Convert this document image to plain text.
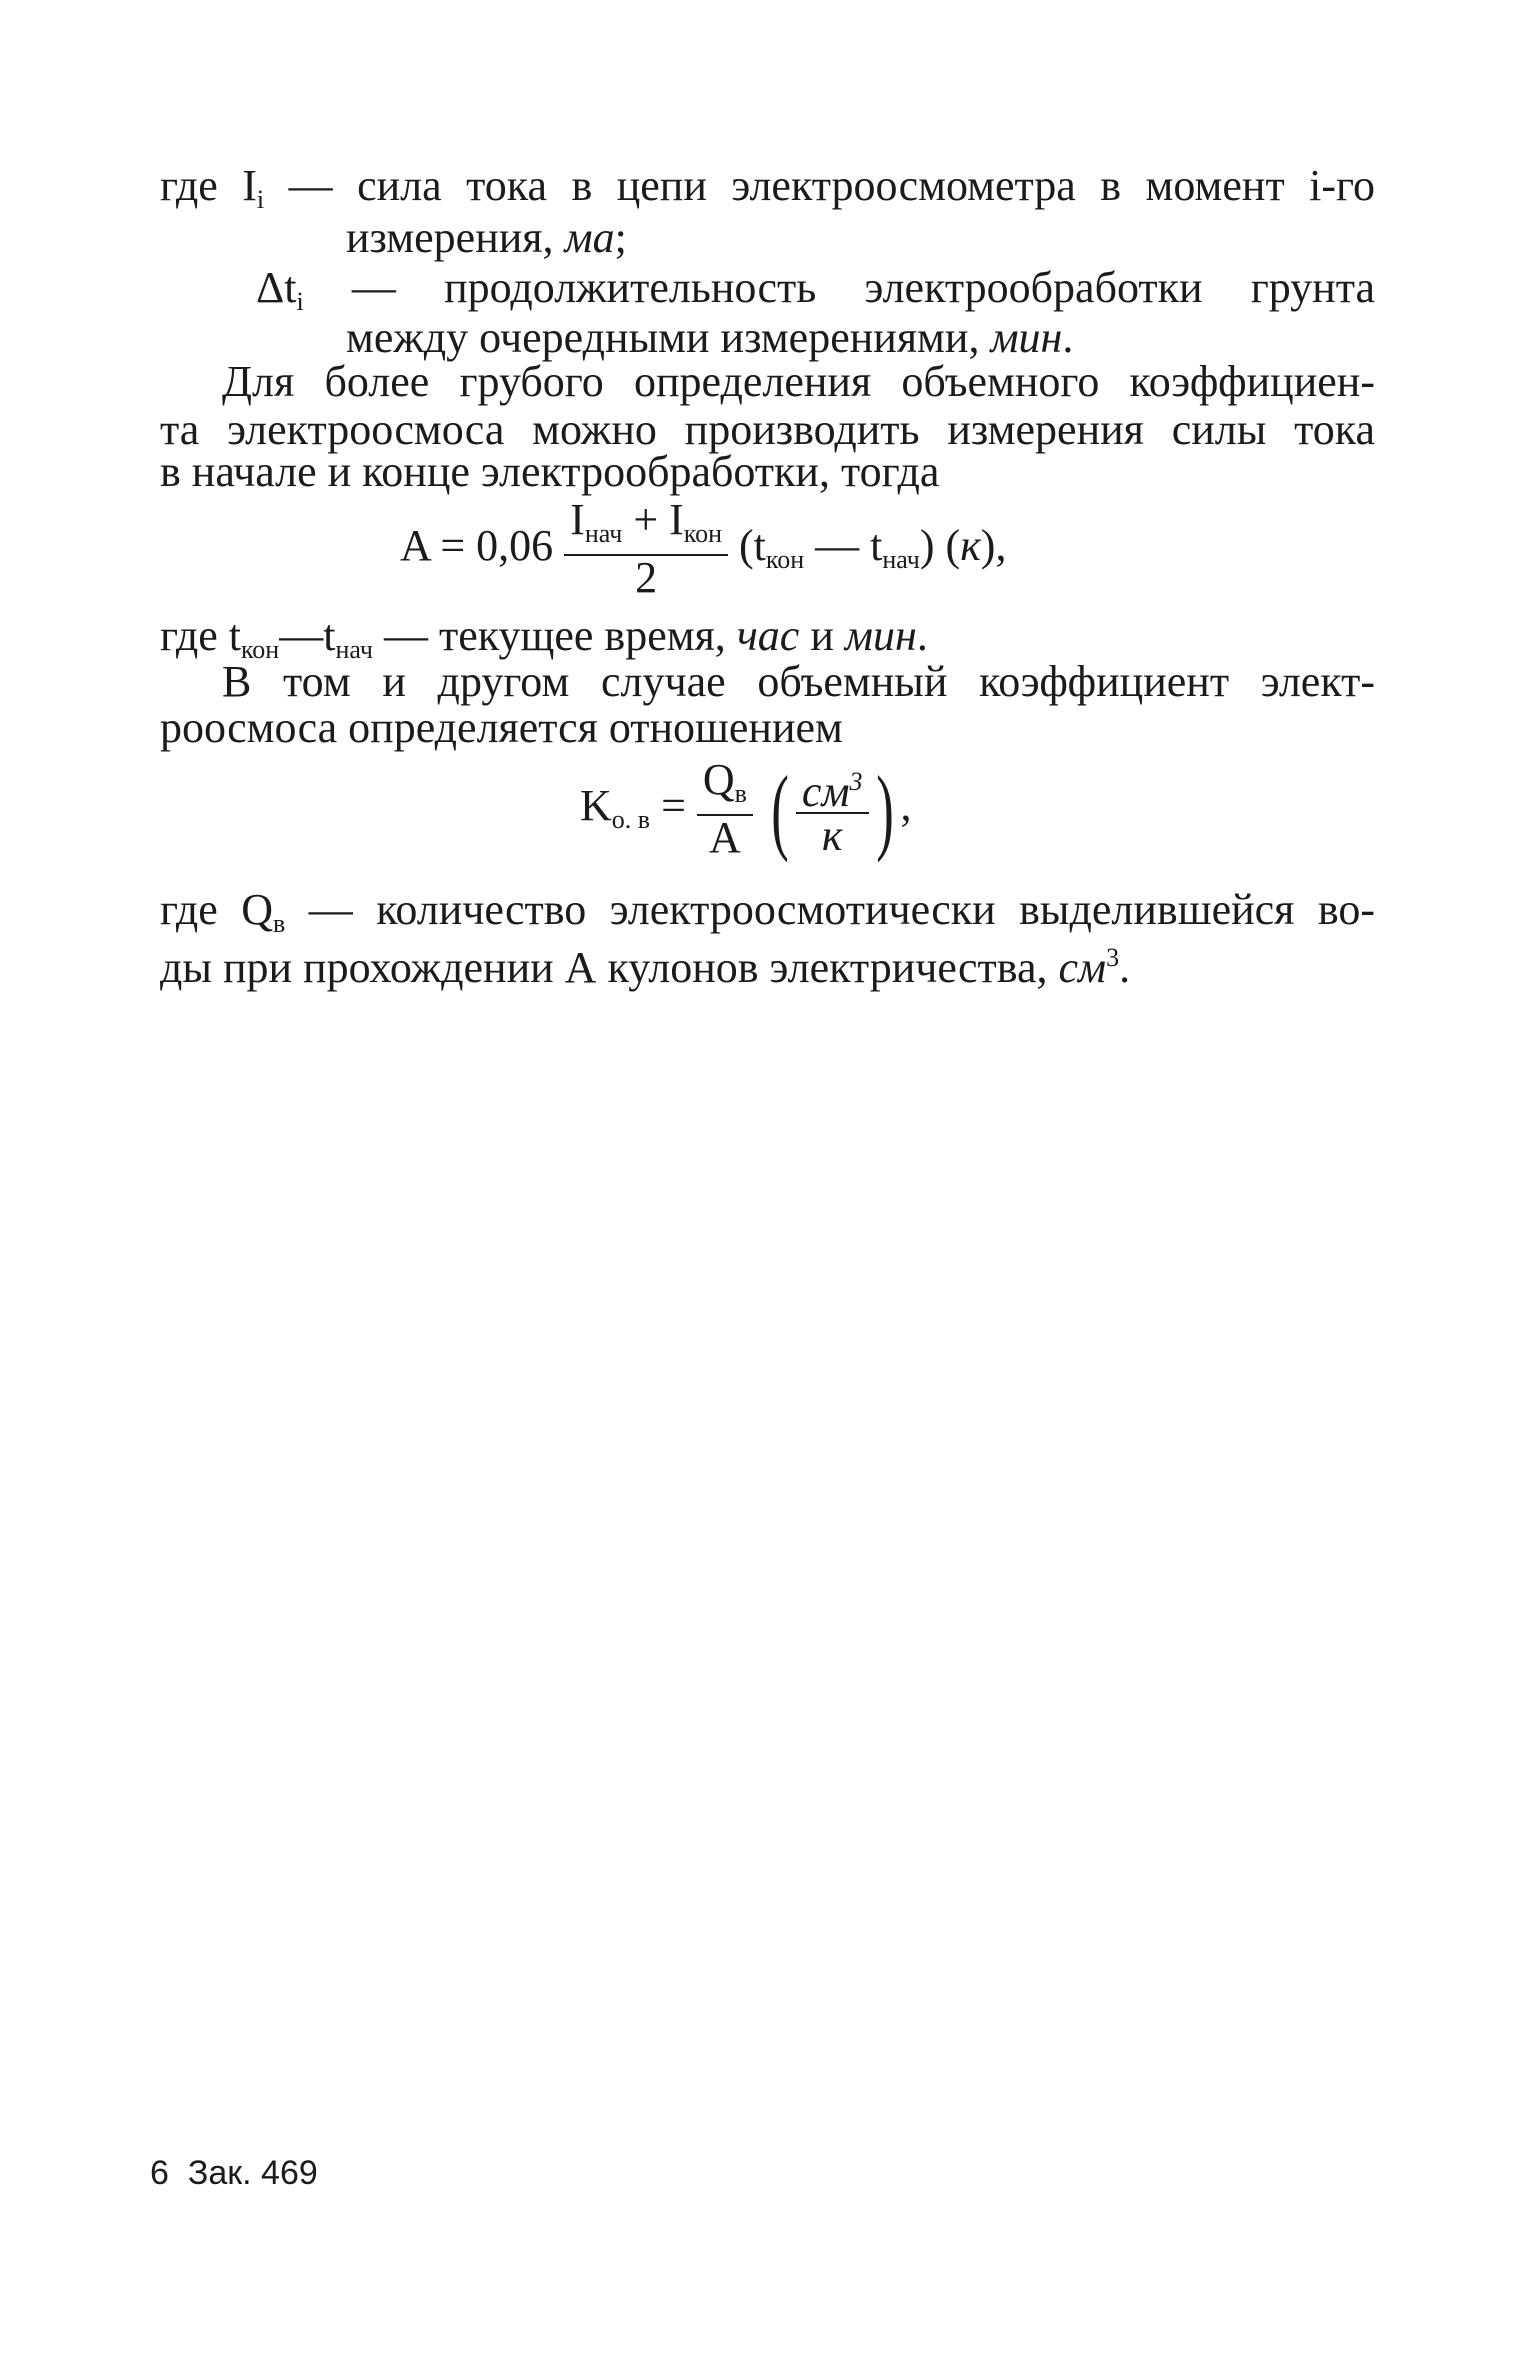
где $I_i$ — сила тока в цепи электроосмометра в момент i-го
измерения, ма;
$\Delta t_i$ — продолжительность электрообработки грунта
между очередными измерениями, мин.
Для более грубого определения объемного коэффициен-
та электроосмоса можно производить измерения силы тока
в начале и конце электрообработки, тогда
$A = 0,06 \frac{I_{нач} + I_{кон}}{2} (t_{кон}$ — $t_{нач}$) (к),
где $t_{кон}—t_{нач}$ — текущее время, час и мин.
В том и другом случае объемный коэффициент элект-
роосмоса определяется отношением
$K_{о. в} = \frac{Q_в}{A}$ ( $\frac{см^3}{к}$ ) ,
где $Q_в$ — количество электроосмотически выделившейся во-
ды при прохождении А кулонов электричества, $см^3$.
6 Зак. 469
